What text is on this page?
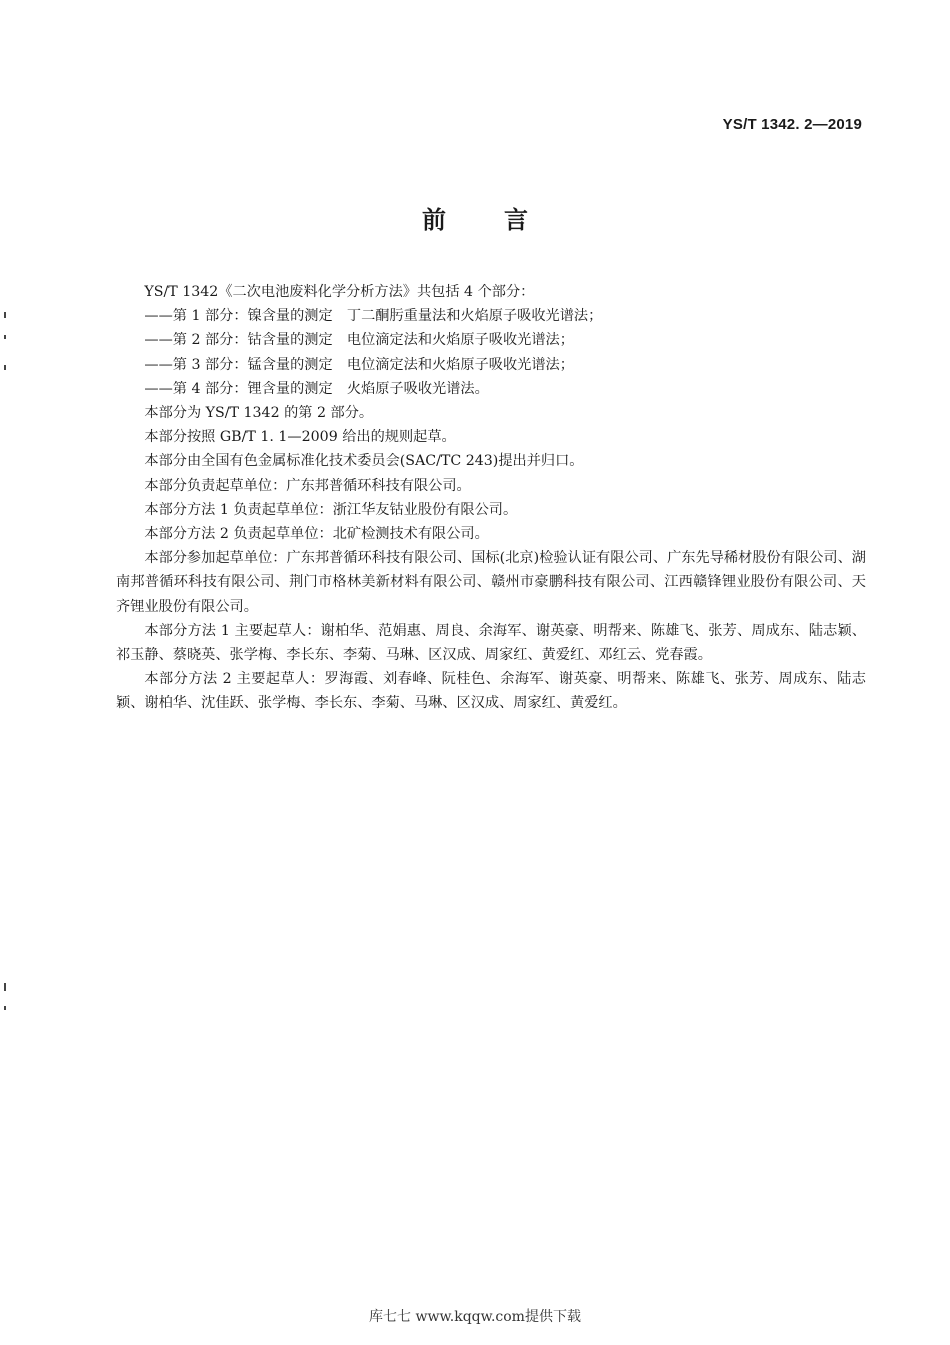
YS/T 1342. 2—2019
前 言

YS/T 1342《二次电池废料化学分析方法》共包括 4 个部分：

——第 1 部分：镍含量的测定　丁二酮肟重量法和火焰原子吸收光谱法；

——第 2 部分：钴含量的测定　电位滴定法和火焰原子吸收光谱法；

——第 3 部分：锰含量的测定　电位滴定法和火焰原子吸收光谱法；

——第 4 部分：锂含量的测定　火焰原子吸收光谱法。

本部分为 YS/T 1342 的第 2 部分。

本部分按照 GB/T 1. 1—2009 给出的规则起草。

本部分由全国有色金属标准化技术委员会(SAC/TC 243)提出并归口。

本部分负责起草单位：广东邦普循环科技有限公司。

本部分方法 1 负责起草单位：浙江华友钴业股份有限公司。

本部分方法 2 负责起草单位：北矿检测技术有限公司。

本部分参加起草单位：广东邦普循环科技有限公司、国标(北京)检验认证有限公司、广东先导稀材股份有限公司、湖南邦普循环科技有限公司、荆门市格林美新材料有限公司、赣州市豪鹏科技有限公司、江西赣锋锂业股份有限公司、天齐锂业股份有限公司。

本部分方法 1 主要起草人：谢柏华、范娟惠、周良、余海军、谢英豪、明帮来、陈雄飞、张芳、周成东、陆志颖、祁玉静、蔡晓英、张学梅、李长东、李菊、马琳、区汉成、周家红、黄爱红、邓红云、党春霞。

本部分方法 2 主要起草人：罗海霞、刘春峰、阮桂色、余海军、谢英豪、明帮来、陈雄飞、张芳、周成东、陆志颖、谢柏华、沈佳跃、张学梅、李长东、李菊、马琳、区汉成、周家红、黄爱红。

库七七 www.kqqw.com提供下载
